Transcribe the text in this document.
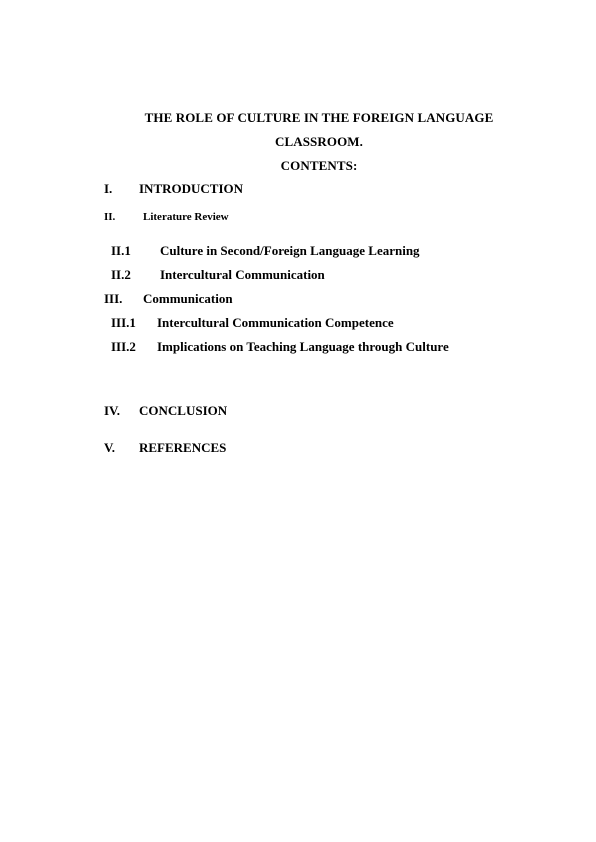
THE ROLE OF CULTURE IN THE FOREIGN LANGUAGE
CLASSROOM.
CONTENTS:
I. INTRODUCTION
II.	Literature Review
II.1 Culture in Second/Foreign Language Learning
II.2 Intercultural Communication
III. Communication
III.1 Intercultural Communication Competence
III.2 Implications on Teaching Language through Culture
IV. CONCLUSION
V. REFERENCES
